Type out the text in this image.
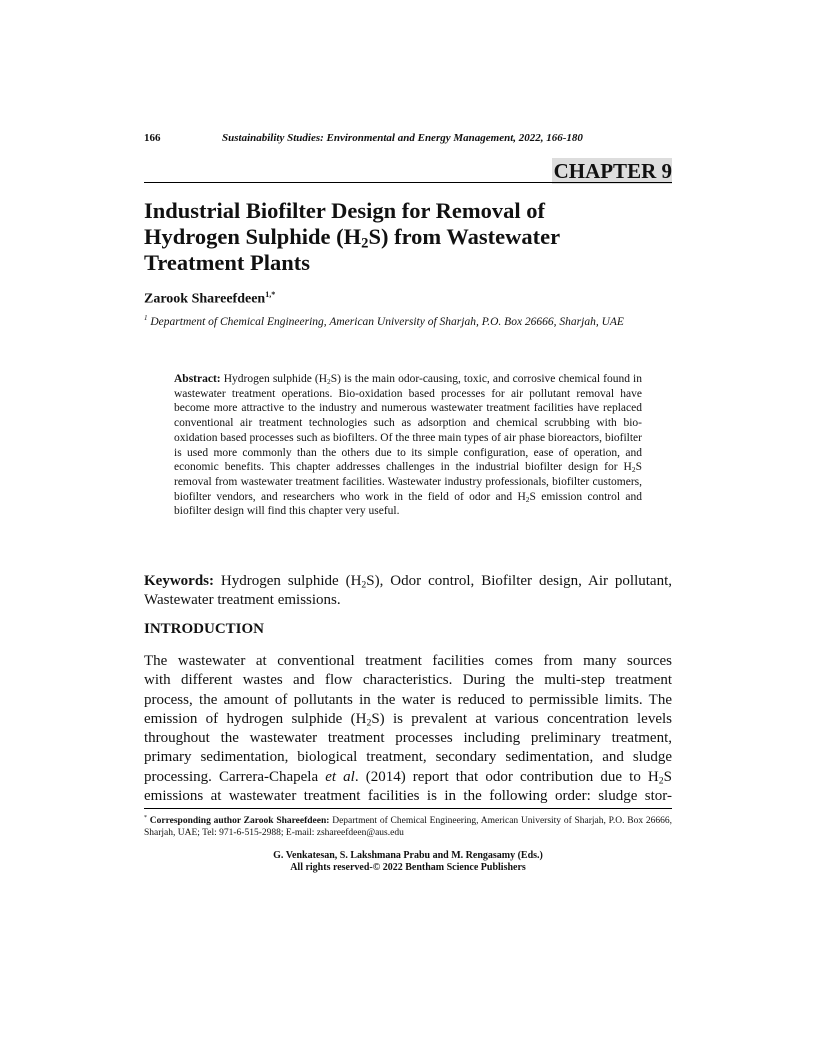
166	Sustainability Studies: Environmental and Energy Management, 2022, 166-180
CHAPTER 9
Industrial Biofilter Design for Removal of
Hydrogen Sulphide $(H_2S)$ from Wastewater
Treatment Plants
Zarook Shareefdeen$^{1,*}$
$^1$ Department of Chemical Engineering, American University of Sharjah, P.O. Box 26666, Sharjah, UAE
Abstract: Hydrogen sulphide $(H_2S)$ is the main odor-causing, toxic, and corrosive chemical found in wastewater treatment operations. Bio-oxidation based processes for air pollutant removal have become more attractive to the industry and numerous wastewater treatment facilities have replaced conventional air treatment technologies such as adsorption and chemical scrubbing with bio-oxidation based processes such as biofilters. Of the three main types of air phase bioreactors, biofilter is used more commonly than the others due to its simple configuration, ease of operation, and economic benefits. This chapter addresses challenges in the industrial biofilter design for $H_2S$ removal from wastewater treatment facilities. Wastewater industry professionals, biofilter customers, biofilter vendors, and researchers who work in the field of odor and $H_2S$ emission control and biofilter design will find this chapter very useful.
Keywords: Hydrogen sulphide $(H_2S)$, Odor control, Biofilter design, Air pollutant, Wastewater treatment emissions.
INTRODUCTION
The wastewater at conventional treatment facilities comes from many sources
with different wastes and flow characteristics. During the multi-step treatment
process, the amount of pollutants in the water is reduced to permissible limits. The
emission of hydrogen sulphide $(H_2S)$ is prevalent at various concentration levels
throughout the wastewater treatment processes including preliminary treatment,
primary sedimentation, biological treatment, secondary sedimentation, and sludge
processing. Carrera-Chapela et al. (2014) report that odor contribution due to $H_2S$
emissions at wastewater treatment facilities is in the following order: sludge stor-
* Corresponding author Zarook Shareefdeen: Department of Chemical Engineering, American University of Sharjah, P.O. Box 26666, Sharjah, UAE; Tel: 971-6-515-2988; E-mail: zshareefdeen@aus.edu
G. Venkatesan, S. Lakshmana Prabu and M. Rengasamy (Eds.)
All rights reserved-© 2022 Bentham Science Publishers
